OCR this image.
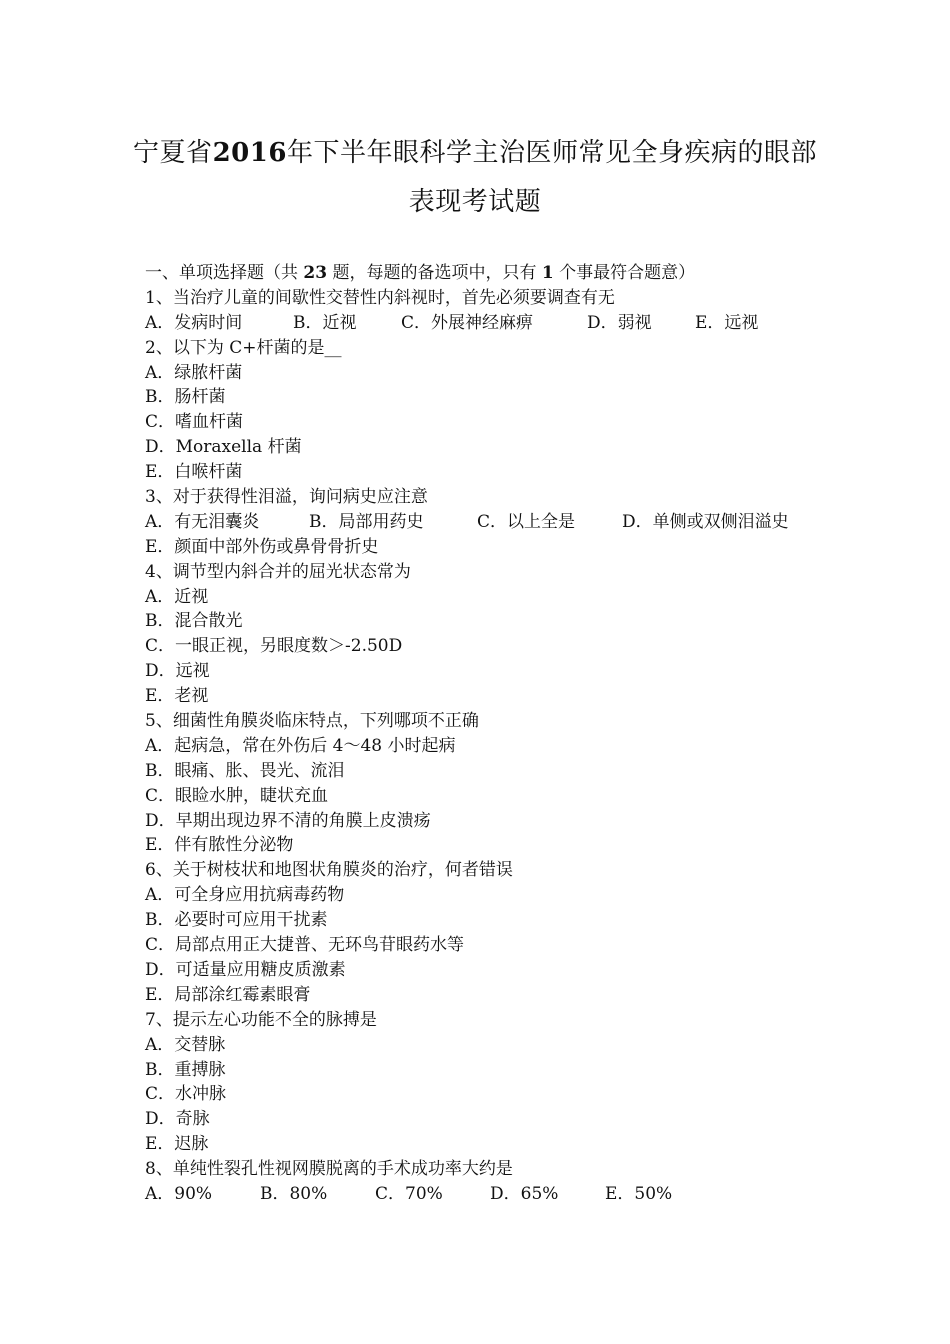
宁夏省2016年下半年眼科学主治医师常见全身疾病的眼部
表现考试题
一、单项选择题（共 23 题，每题的备选项中，只有 1 个事最符合题意）
1、当治疗儿童的间歇性交替性内斜视时，首先必须要调查有无
A．发病时间	B．近视	C．外展神经麻痹	D．弱视	E．远视
2、以下为 C+杆菌的是__
A．绿脓杆菌
B．肠杆菌
C．嗜血杆菌
D．Moraxella 杆菌
E．白喉杆菌
3、对于获得性泪溢，询问病史应注意
A．有无泪囊炎	B．局部用药史	C．以上全是	D．单侧或双侧泪溢史
E．颜面中部外伤或鼻骨骨折史
4、调节型内斜合并的屈光状态常为
A．近视
B．混合散光
C．一眼正视，另眼度数＞-2.50D
D．远视
E．老视
5、细菌性角膜炎临床特点，下列哪项不正确
A．起病急，常在外伤后 4～48 小时起病
B．眼痛、胀、畏光、流泪
C．眼睑水肿，睫状充血
D．早期出现边界不清的角膜上皮溃疡
E．伴有脓性分泌物
6、关于树枝状和地图状角膜炎的治疗，何者错误
A．可全身应用抗病毒药物
B．必要时可应用干扰素
C．局部点用正大捷普、无环鸟苷眼药水等
D．可适量应用糖皮质激素
E．局部涂红霉素眼膏
7、提示左心功能不全的脉搏是
A．交替脉
B．重搏脉
C．水冲脉
D．奇脉
E．迟脉
8、单纯性裂孔性视网膜脱离的手术成功率大约是
A．90%	B．80%	C．70%	D．65%	E．50%
